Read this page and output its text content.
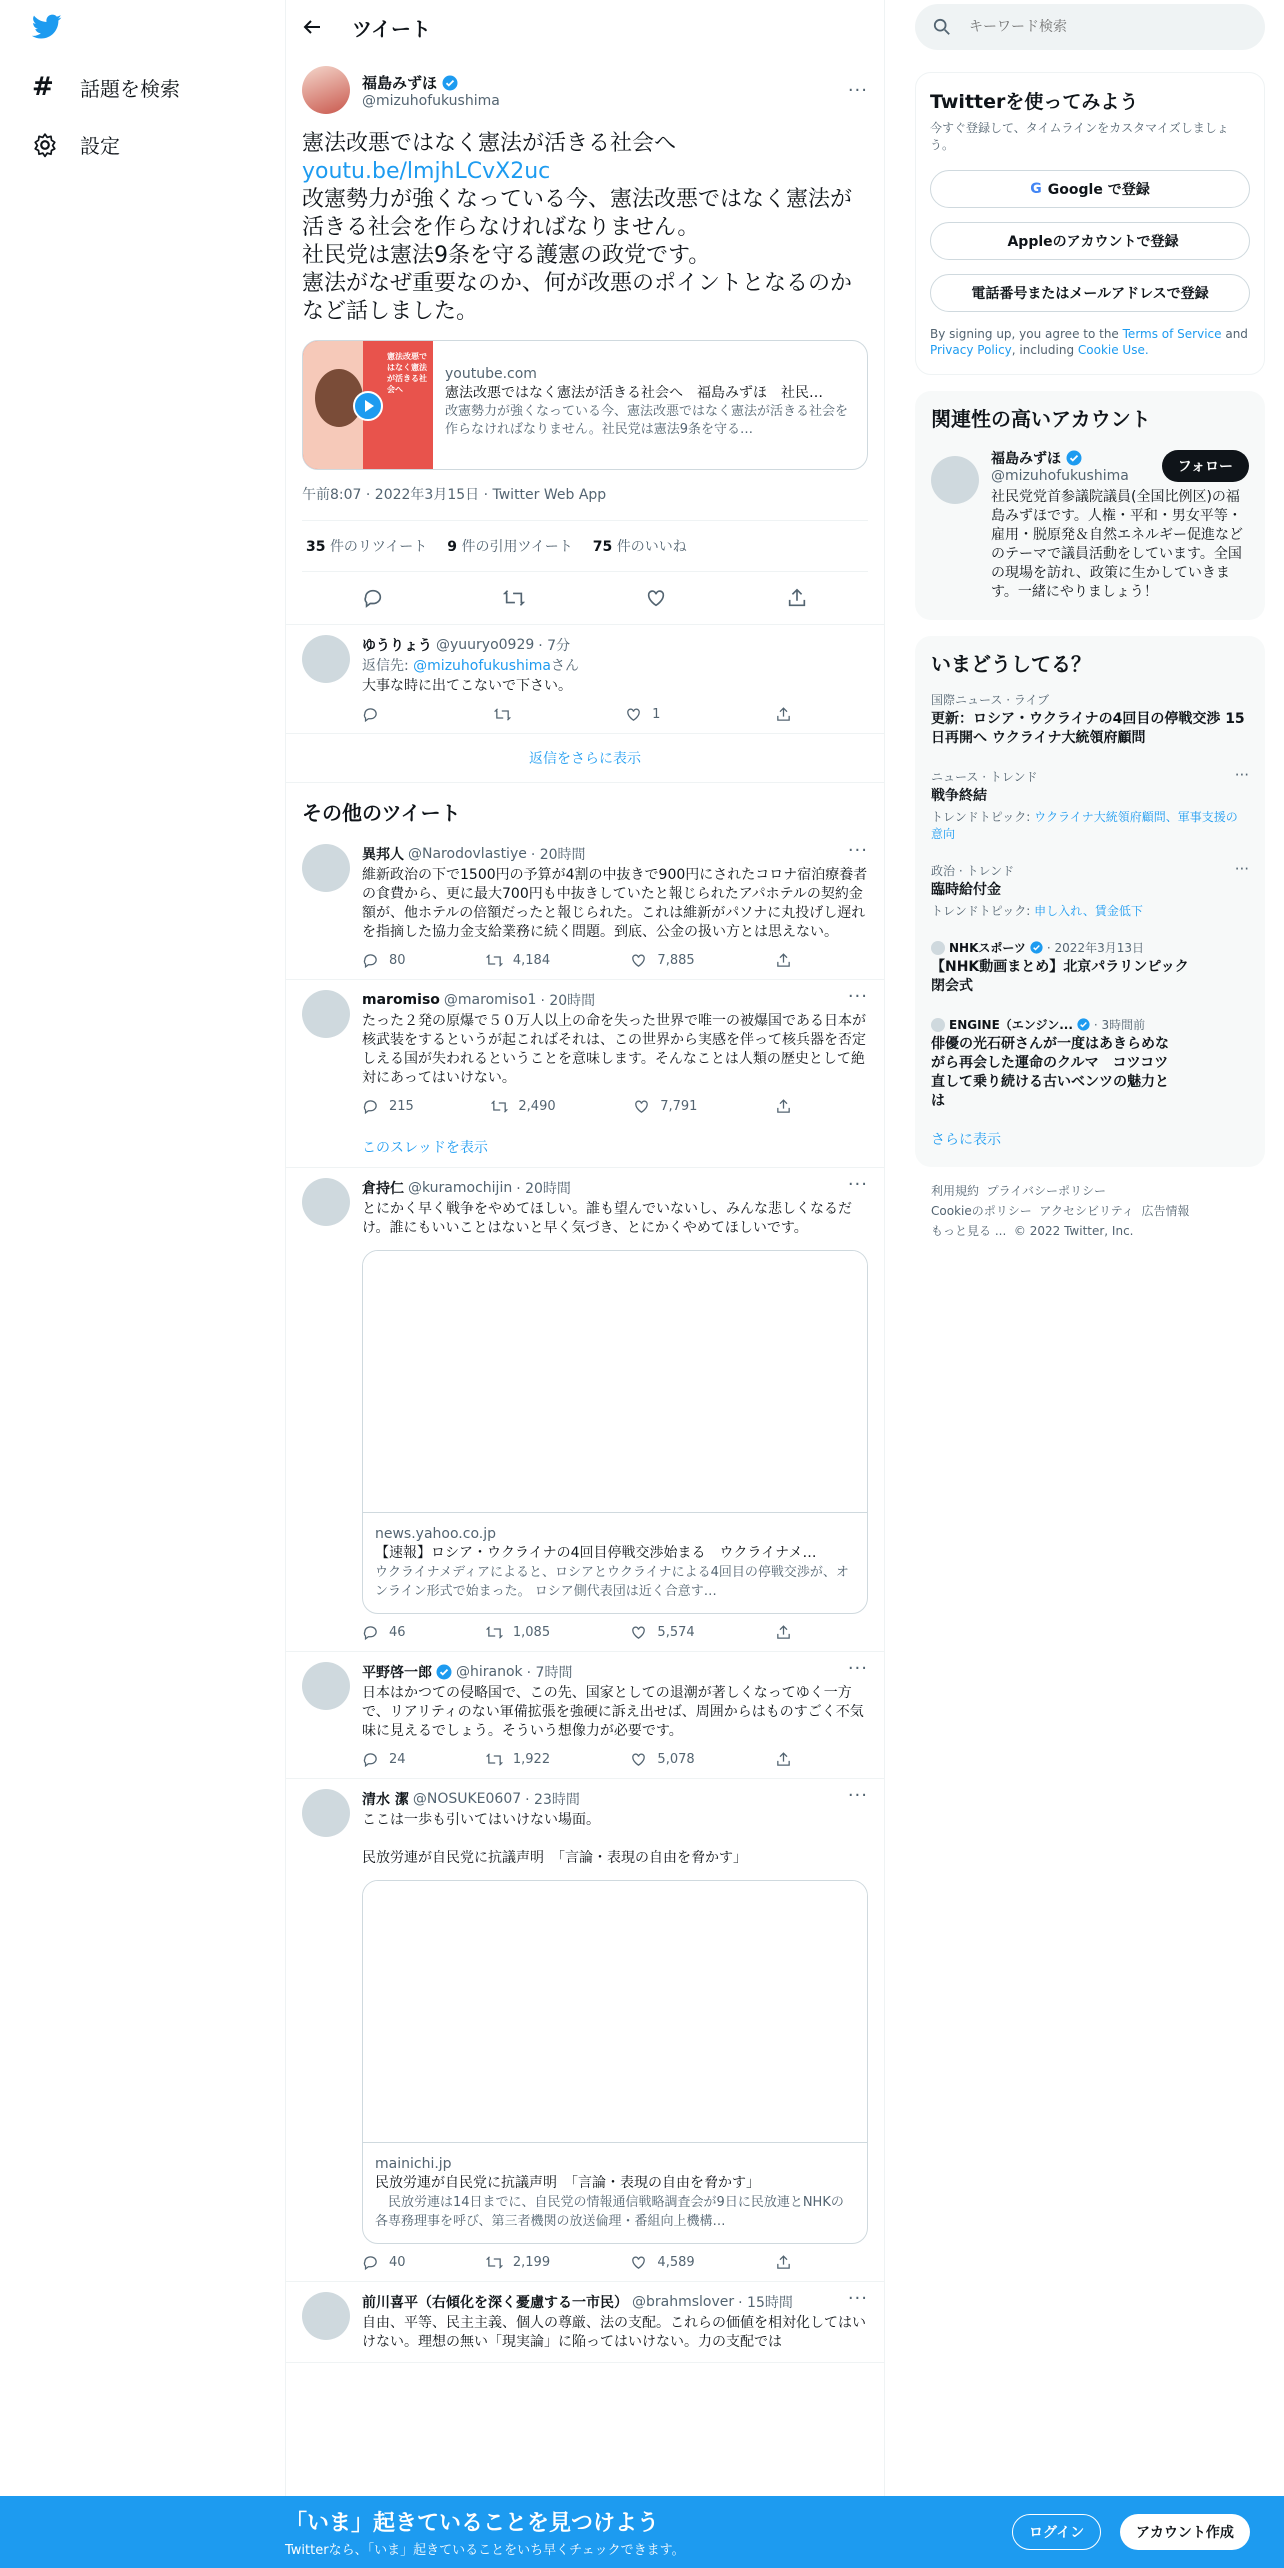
# 話題を検索
設定
ツイート
福島みずほ
@mizuhofukushima	···
憲法改悪ではなく憲法が活きる社会へ
youtu.be/lmjhLCvX2uc
改憲勢力が強くなっている今、憲法改悪ではなく憲法が活きる社会を作らなければなりません。
社民党は憲法9条を守る護憲の政党です。
憲法がなぜ重要なのか、何が改悪のポイントとなるのかなど話しました。
憲法改悪ではなく憲法が活きる社会へ
youtube.com
憲法改悪ではなく憲法が活きる社会へ　福島みずほ　社民…
改憲勢力が強くなっている今、憲法改悪ではなく憲法が活きる社会を作らなければなりません。社民党は憲法9条を守る…
午前8:07 · 2022年3月15日 · Twitter Web App
35 件のリツイート 9 件の引用ツイート 75 件のいいね
ゆうりょう @yuuryo0929 · 7分
返信先: @mizuhofukushimaさん
大事な時に出てこないで下さい。
1
返信をさらに表示
その他のツイート
異邦人 @Narodovlastiye · 20時間	···
維新政治の下で1500円の予算が4割の中抜きで900円にされたコロナ宿泊療養者の食費から、更に最大700円も中抜きしていたと報じられたアパホテルの契約金額が、他ホテルの倍額だったと報じられた。これは維新がパソナに丸投げし遅れを指摘した協力金支給業務に続く問題。到底、公金の扱い方とは思えない。
80	4,184	7,885
maromiso @maromiso1 · 20時間	···
たった２発の原爆で５０万人以上の命を失った世界で唯一の被爆国である日本が核武装をするというが起こればそれは、この世界から実感を伴って核兵器を否定しえる国が失われるということを意味します。そんなことは人類の歴史として絶対にあってはいけない。
215	2,490	7,791
このスレッドを表示
倉持仁 @kuramochijin · 20時間	···
とにかく早く戦争をやめてほしい。誰も望んでいないし、みんな悲しくなるだけ。誰にもいいことはないと早く気づき、とにかくやめてほしいです。
news.yahoo.co.jp
【速報】ロシア・ウクライナの4回目停戦交渉始まる　ウクライナメ…
ウクライナメディアによると、ロシアとウクライナによる4回目の停戦交渉が、オンライン形式で始まった。 ロシア側代表団は近く合意す…
46	1,085	5,574
平野啓一郎 @hiranok · 7時間	···
日本はかつての侵略国で、この先、国家としての退潮が著しくなってゆく一方で、リアリティのない軍備拡張を強硬に訴え出せば、周囲からはものすごく不気味に見えるでしょう。そういう想像力が必要です。
24	1,922	5,078
清水 潔 @NOSUKE0607 · 23時間	···
ここは一歩も引いてはいけない場面。

民放労連が自民党に抗議声明　「言論・表現の自由を脅かす」
mainichi.jp
民放労連が自民党に抗議声明　「言論・表現の自由を脅かす」
　民放労連は14日までに、自民党の情報通信戦略調査会が9日に民放連とNHKの各専務理事を呼び、第三者機関の放送倫理・番組向上機構…
40	2,199	4,589
前川喜平（右傾化を深く憂慮する一市民） @brahmslover · 15時間	···
自由、平等、民主主義、個人の尊厳、法の支配。これらの価値を相対化してはいけない。理想の無い「現実論」に陥ってはいけない。力の支配では
キーワード検索
Twitterを使ってみよう
今すぐ登録して、タイムラインをカスタマイズしましょう。
G Google で登録
Appleのアカウントで登録
電話番号またはメールアドレスで登録
By signing up, you agree to the Terms of Service and Privacy Policy, including Cookie Use.
関連性の高いアカウント
福島みずほ
@mizuhofukushima
フォロー
社民党党首参議院議員(全国比例区)の福島みずほです。人権・平和・男女平等・雇用・脱原発＆自然エネルギー促進などのテーマで議員活動をしています。全国の現場を訪れ、政策に生かしていきます。一緒にやりましょう！
いまどうしてる？
国際ニュース · ライブ
更新：ロシア・ウクライナの4回目の停戦交渉 15日再開へ ウクライナ大統領府顧問
···
ニュース · トレンド
戦争終結
トレンドトピック: ウクライナ大統領府顧問、軍事支援の意向
···
政治 · トレンド
臨時給付金
トレンドトピック: 申し入れ、賃金低下
NHKスポーツ · 2022年3月13日
【NHK動画まとめ】北京パラリンピック閉会式
ENGINE（エンジン... · 3時間前
俳優の光石研さんが一度はあきらめながら再会した運命のクルマ　コツコツ直して乗り続ける古いベンツの魅力とは
さらに表示
利用規約 プライバシーポリシー
Cookieのポリシー アクセシビリティ 広告情報
もっと見る ... © 2022 Twitter, Inc.
「いま」起きていることを見つけよう
Twitterなら、「いま」起きていることをいち早くチェックできます。
ログイン	アカウント作成
